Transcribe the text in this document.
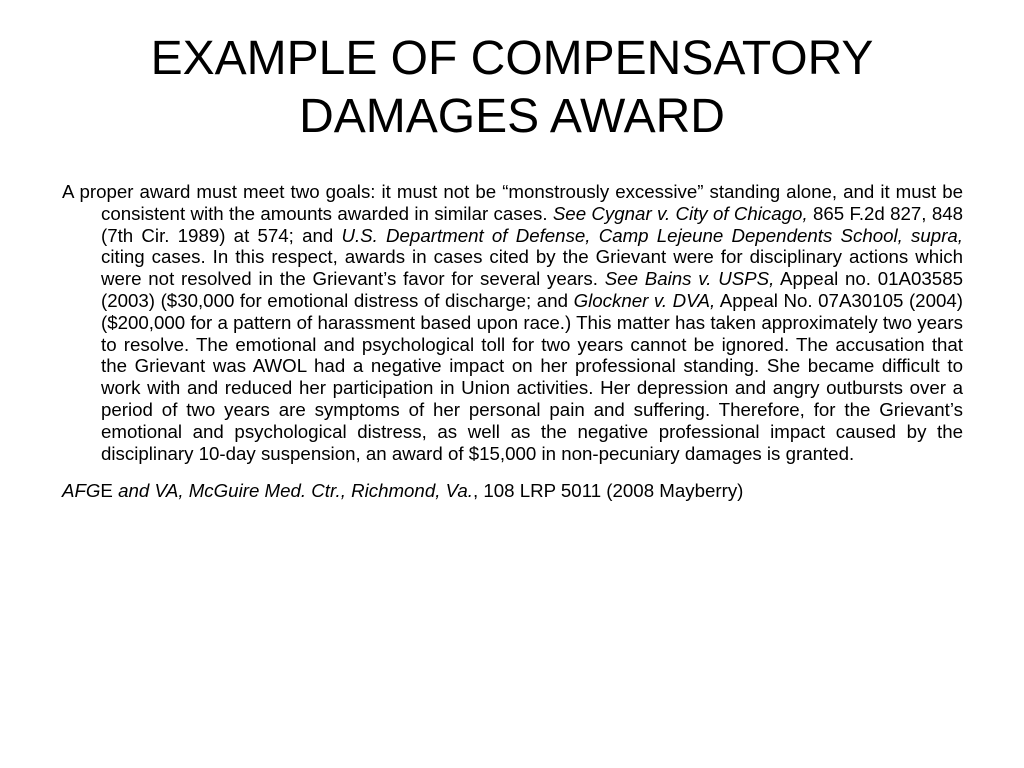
EXAMPLE OF COMPENSATORY DAMAGES AWARD

A proper award must meet two goals: it must not be “monstrously excessive” standing alone, and it must be consistent with the amounts awarded in similar cases. See Cygnar v. City of Chicago, 865 F.2d 827, 848 (7th Cir. 1989) at 574; and U.S. Department of Defense, Camp Lejeune Dependents School, supra, citing cases. In this respect, awards in cases cited by the Grievant were for disciplinary actions which were not resolved in the Grievant’s favor for several years. See Bains v. USPS, Appeal no. 01A03585 (2003) ($30,000 for emotional distress of discharge; and Glockner v. DVA, Appeal No. 07A30105 (2004) ($200,000 for a pattern of harassment based upon race.) This matter has taken approximately two years to resolve. The emotional and psychological toll for two years cannot be ignored. The accusation that the Grievant was AWOL had a negative impact on her professional standing. She became difficult to work with and reduced her participation in Union activities. Her depression and angry outbursts over a period of two years are symptoms of her personal pain and suffering. Therefore, for the Grievant’s emotional and psychological distress, as well as the negative professional impact caused by the disciplinary 10-day suspension, an award of $15,000 in non-pecuniary damages is granted.

AFGE and VA, McGuire Med. Ctr., Richmond, Va., 108 LRP 5011 (2008 Mayberry)
